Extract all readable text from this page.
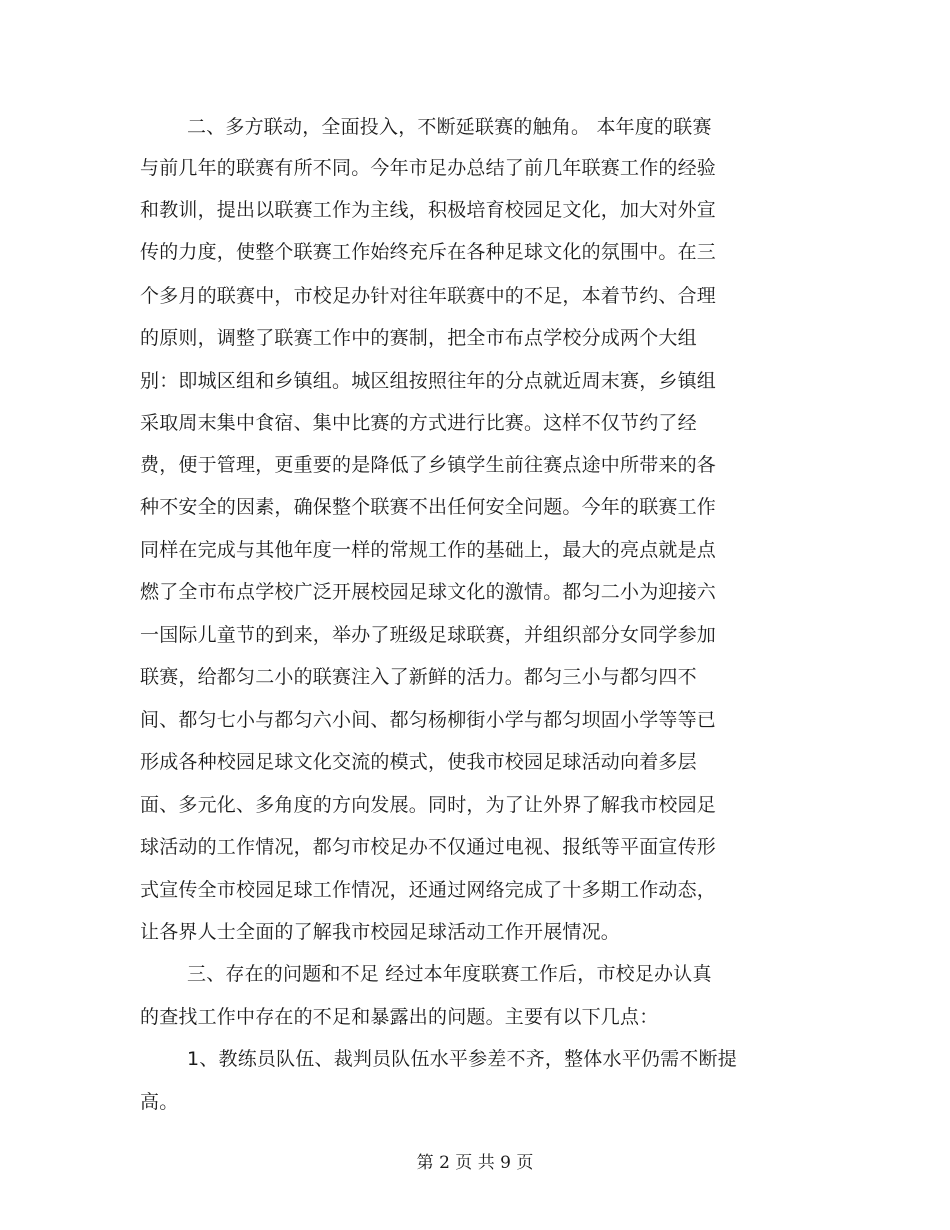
二、多方联动，全面投入，不断延联赛的触角。 本年度的联赛
与前几年的联赛有所不同。今年市足办总结了前几年联赛工作的经验
和教训，提出以联赛工作为主线，积极培育校园足文化，加大对外宣
传的力度，使整个联赛工作始终充斥在各种足球文化的氛围中。在三
个多月的联赛中，市校足办针对往年联赛中的不足，本着节约、合理
的原则，调整了联赛工作中的赛制，把全市布点学校分成两个大组
别：即城区组和乡镇组。城区组按照往年的分点就近周末赛，乡镇组
采取周末集中食宿、集中比赛的方式进行比赛。这样不仅节约了经
费，便于管理，更重要的是降低了乡镇学生前往赛点途中所带来的各
种不安全的因素，确保整个联赛不出任何安全问题。今年的联赛工作
同样在完成与其他年度一样的常规工作的基础上，最大的亮点就是点
燃了全市布点学校广泛开展校园足球文化的激情。都匀二小为迎接六
一国际儿童节的到来，举办了班级足球联赛，并组织部分女同学参加
联赛，给都匀二小的联赛注入了新鲜的活力。都匀三小与都匀四不
间、都匀七小与都匀六小间、都匀杨柳街小学与都匀坝固小学等等已
形成各种校园足球文化交流的模式，使我市校园足球活动向着多层
面、多元化、多角度的方向发展。同时，为了让外界了解我市校园足
球活动的工作情况，都匀市校足办不仅通过电视、报纸等平面宣传形
式宣传全市校园足球工作情况，还通过网络完成了十多期工作动态，
让各界人士全面的了解我市校园足球活动工作开展情况。
三、存在的问题和不足 经过本年度联赛工作后，市校足办认真
的查找工作中存在的不足和暴露出的问题。主要有以下几点：
1、教练员队伍、裁判员队伍水平参差不齐，整体水平仍需不断提
高。
第 2 页 共 9 页
